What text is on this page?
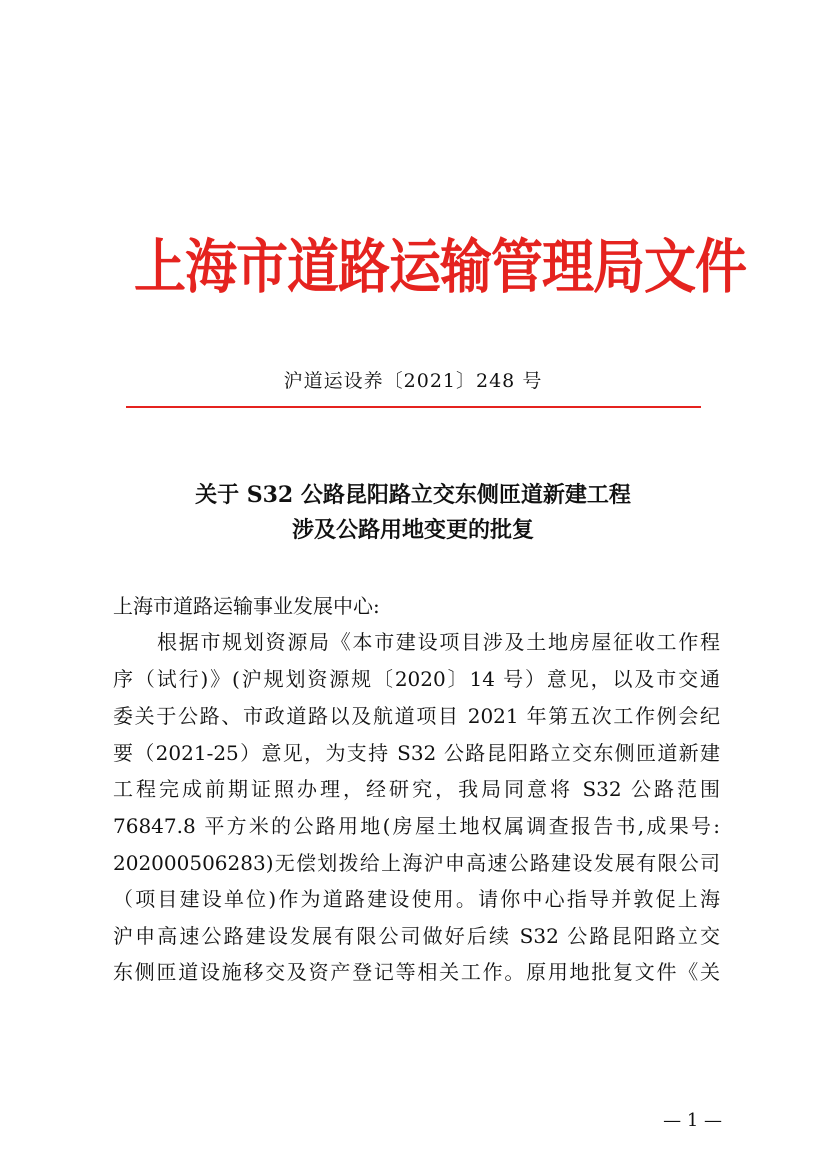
上海市道路运输管理局文件
沪道运设养〔2021〕248 号
关于 S32 公路昆阳路立交东侧匝道新建工程
涉及公路用地变更的批复
上海市道路运输事业发展中心:
根据市规划资源局《本市建设项目涉及土地房屋征收工作程
序（试行)》(沪规划资源规〔2020〕14 号）意见，以及市交通
委关于公路、市政道路以及航道项目 2021 年第五次工作例会纪
要（2021-25）意见，为支持 S32 公路昆阳路立交东侧匝道新建
工程完成前期证照办理，经研究，我局同意将 S32 公路范围
76847.8 平方米的公路用地(房屋土地权属调查报告书,成果号:
202000506283)无偿划拨给上海沪申高速公路建设发展有限公司
（项目建设单位)作为道路建设使用。请你中心指导并敦促上海
沪申高速公路建设发展有限公司做好后续 S32 公路昆阳路立交
东侧匝道设施移交及资产登记等相关工作。原用地批复文件《关
— 1 —
